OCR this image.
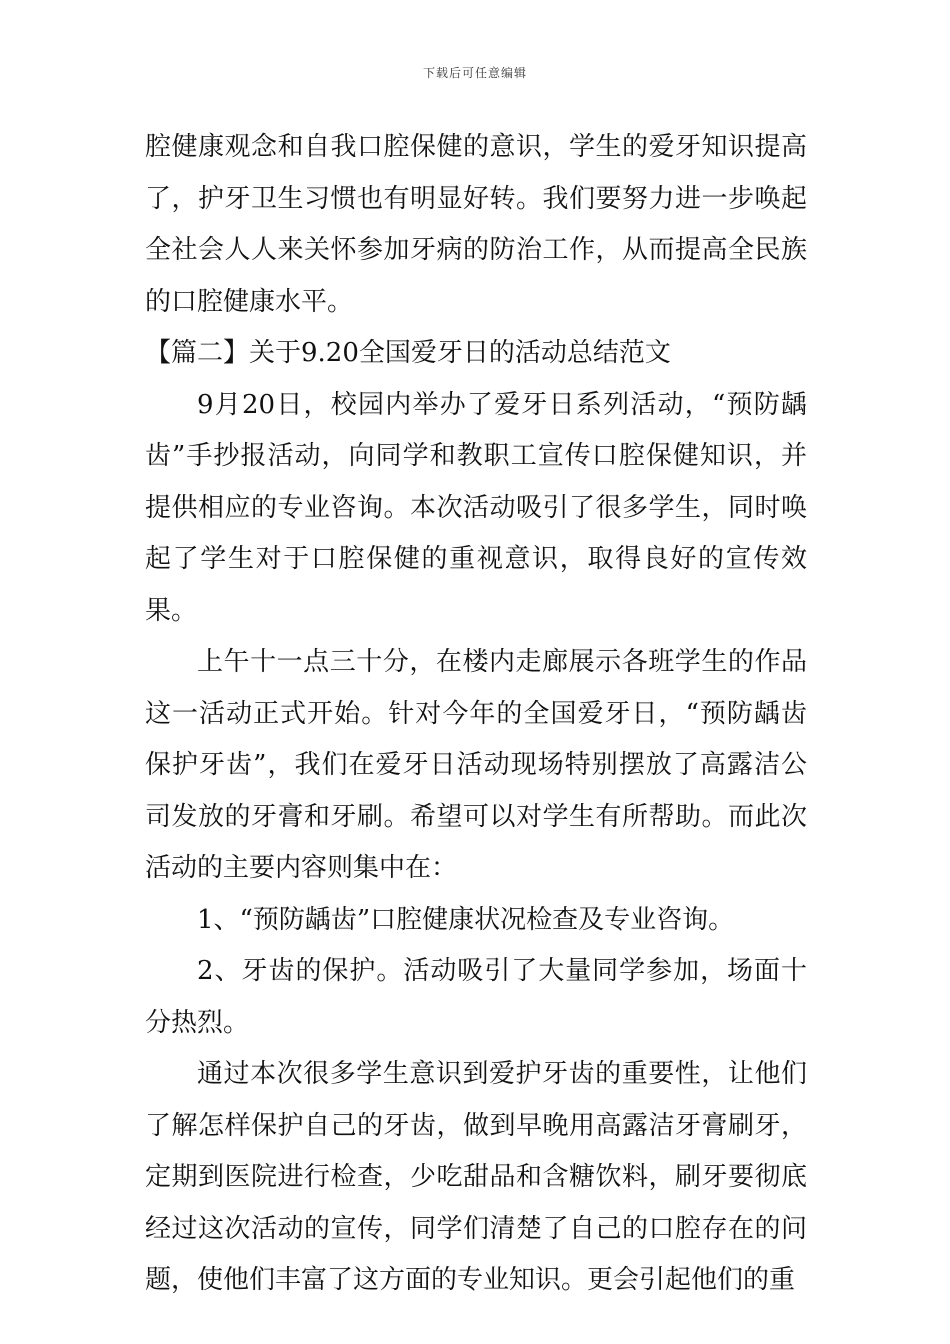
下载后可任意编辑

腔健康观念和自我口腔保健的意识，学生的爱牙知识提高了，护牙卫生习惯也有明显好转。我们要努力进一步唤起全社会人人来关怀参加牙病的防治工作，从而提高全民族的口腔健康水平。

【篇二】关于9.20全国爱牙日的活动总结范文

9月20日，校园内举办了爱牙日系列活动，“预防龋齿”手抄报活动，向同学和教职工宣传口腔保健知识，并提供相应的专业咨询。本次活动吸引了很多学生，同时唤起了学生对于口腔保健的重视意识，取得良好的宣传效果。

上午十一点三十分，在楼内走廊展示各班学生的作品这一活动正式开始。针对今年的全国爱牙日，“预防龋齿保护牙齿”，我们在爱牙日活动现场特别摆放了高露洁公司发放的牙膏和牙刷。希望可以对学生有所帮助。而此次活动的主要内容则集中在：

1、“预防龋齿”口腔健康状况检查及专业咨询。

2、牙齿的保护。活动吸引了大量同学参加，场面十分热烈。

通过本次很多学生意识到爱护牙齿的重要性，让他们了解怎样保护自己的牙齿，做到早晚用高露洁牙膏刷牙，定期到医院进行检查，少吃甜品和含糖饮料，刷牙要彻底经过这次活动的宣传，同学们清楚了自己的口腔存在的问题，使他们丰富了这方面的专业知识。更会引起他们的重
